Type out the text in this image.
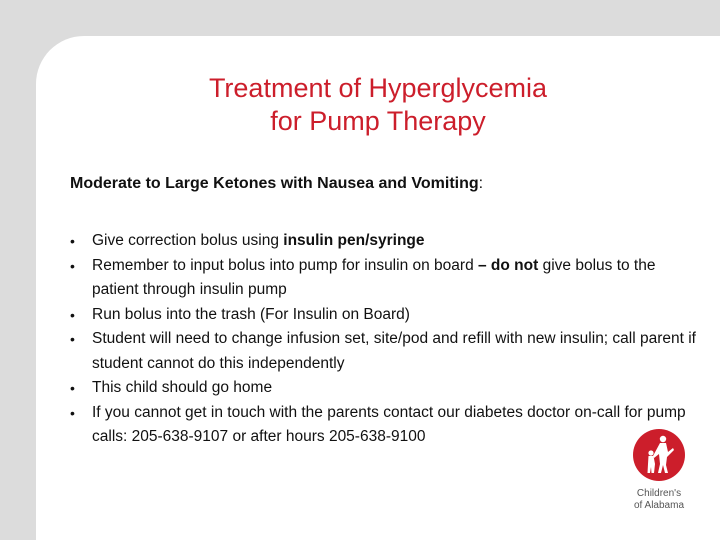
Treatment of Hyperglycemia
for Pump Therapy
Moderate to Large Ketones with Nausea and Vomiting:
•	Give correction bolus using insulin pen/syringe
•	Remember to input bolus into pump for insulin on board – do not give bolus to the patient through insulin pump
•	Run bolus into the trash (For Insulin on Board)
•	Student will need to change infusion set, site/pod and refill with new insulin; call parent if student cannot do this independently
•	This child should go home
•	If you cannot get in touch with the parents contact our diabetes doctor on-call for pump calls: 205-638-9107 or after hours 205-638-9100
Children's
of Alabama
